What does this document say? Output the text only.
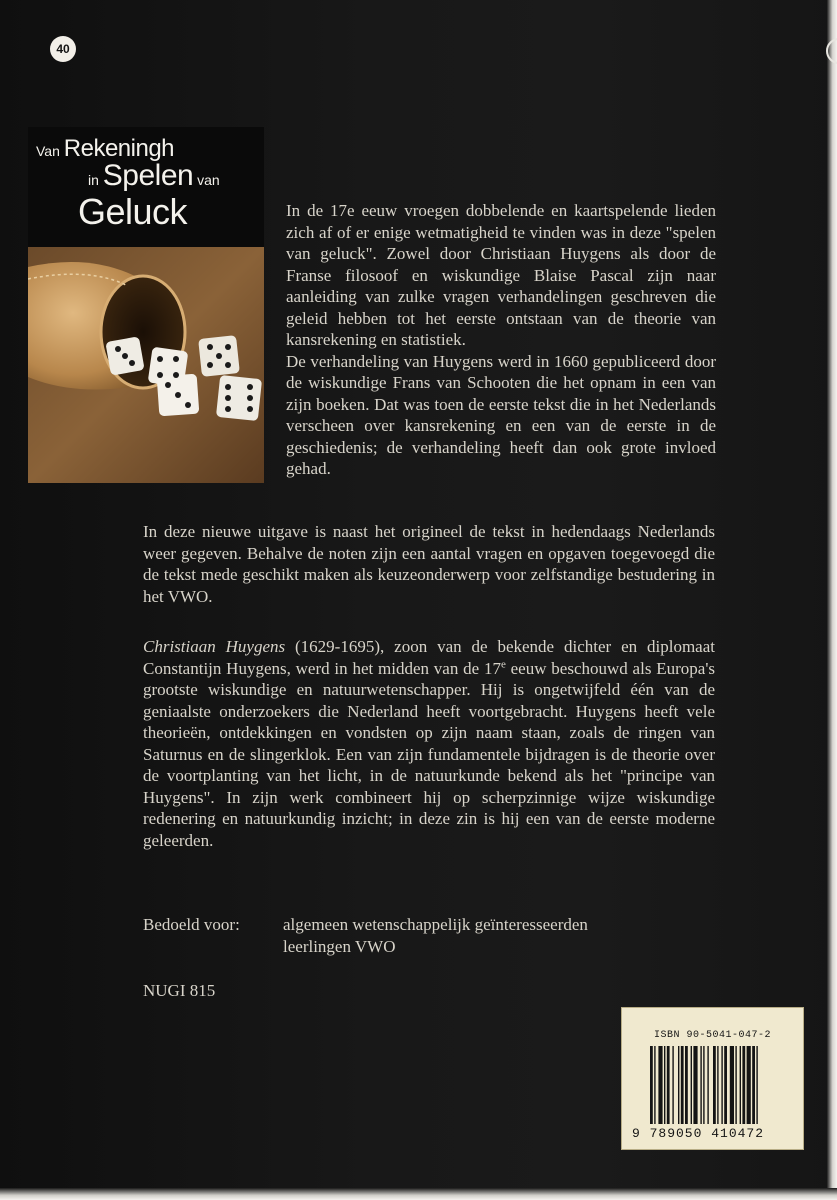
40
Van Rekeningh
in Spelen van
Geluck	In de 17e eeuw vroegen dobbelende en kaartspelende lieden zich af of er enige wetmatigheid te vinden was in deze "spelen van geluck". Zowel door Christiaan Huygens als door de Franse filosoof en wiskundige Blaise Pascal zijn naar aanleiding van zulke vragen verhandelingen geschreven die geleid hebben tot het eerste ontstaan van de theorie van kansrekening en statistiek.

De verhandeling van Huygens werd in 1660 gepubliceerd door de wiskundige Frans van Schooten die het opnam in een van zijn boeken. Dat was toen de eerste tekst die in het Nederlands verscheen over kansrekening en een van de eerste in de geschiedenis; de verhandeling heeft dan ook grote invloed gehad.

In deze nieuwe uitgave is naast het origineel de tekst in hedendaags Nederlands weer gegeven. Behalve de noten zijn een aantal vragen en opgaven toegevoegd die de tekst mede geschikt maken als keuzeonderwerp voor zelfstandige bestudering in het VWO.

Christiaan Huygens (1629-1695), zoon van de bekende dichter en diplomaat Constantijn Huygens, werd in het midden van de 17e eeuw beschouwd als Europa's grootste wiskundige en natuurwetenschapper. Hij is ongetwijfeld één van de geniaalste onderzoekers die Nederland heeft voortgebracht. Huygens heeft vele theorieën, ontdekkingen en vondsten op zijn naam staan, zoals de ringen van Saturnus en de slingerklok. Een van zijn fundamentele bijdragen is de theorie over de voortplanting van het licht, in de natuurkunde bekend als het "principe van Huygens". In zijn werk combineert hij op scherpzinnige wijze wiskundige redenering en natuurkundig inzicht; in deze zin is hij een van de eerste moderne geleerden.

Bedoeld voor:	algemeen wetenschappelijk geïnteresseerden
leerlingen VWO
NUGI 815
ISBN 90-5041-047-2
9 789050 410472
